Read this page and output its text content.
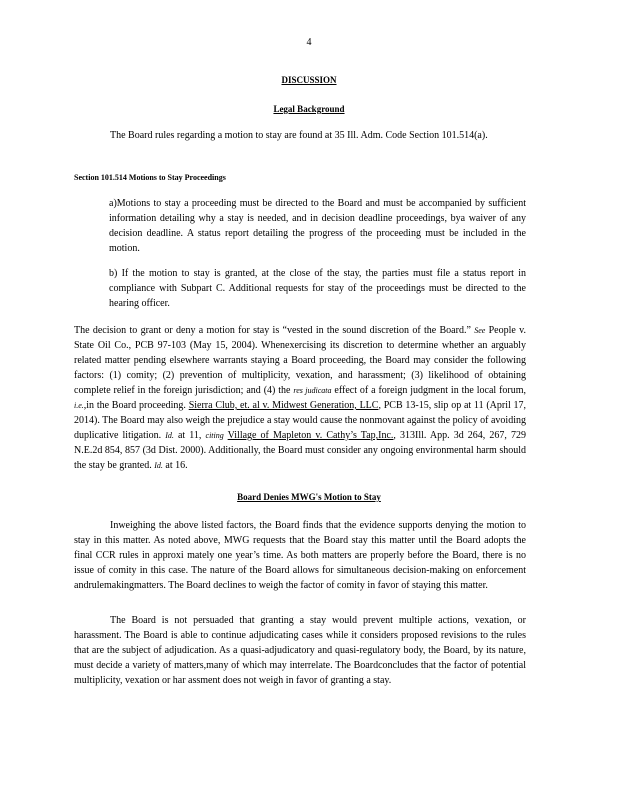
4
DISCUSSION
Legal Background

The Board rules regarding a motion to stay are found at 35 Ill. Adm. Code Section 101.514(a).

Section 101.514 Motions to Stay Proceedings

a)Motions to stay a proceeding must be directed to the Board and must be accompanied by sufficient information detailing why a stay is needed, and in decision deadline proceedings, bya waiver of any decision deadline. A status report detailing the progress of the proceeding must be included in the motion.

b) If the motion to stay is granted, at the close of the stay, the parties must file a status report in compliance with Subpart C. Additional requests for stay of the proceedings must be directed to the hearing officer.

The decision to grant or deny a motion for stay is “vested in the sound discretion of the Board.” See People v. State Oil Co., PCB 97-103 (May 15, 2004). Whenexercising its discretion to determine whether an arguably related matter pending elsewhere warrants staying a Board proceeding, the Board may consider the following factors: (1) comity; (2) prevention of multiplicity, vexation, and harassment; (3) likelihood of obtaining complete relief in the foreign jurisdiction; and (4) the res judicata effect of a foreign judgment in the local forum, i.e.,in the Board proceeding. Sierra Club, et. al v. Midwest Generation, LLC, PCB 13-15, slip op at 11 (April 17, 2014). The Board may also weigh the prejudice a stay would cause the nonmovant against the policy of avoiding duplicative litigation. Id. at 11, citing Village of Mapleton v. Cathy’s Tap,Inc., 313Ill. App. 3d 264, 267, 729 N.E.2d 854, 857 (3d Dist. 2000). Additionally, the Board must consider any ongoing environmental harm should the stay be granted. Id. at 16.

Board Denies MWG's Motion to Stay

Inweighing the above listed factors, the Board finds that the evidence supports denying the motion to stay in this matter. As noted above, MWG requests that the Board stay this matter until the Board adopts the final CCR rules in approxi mately one year’s time. As both matters are properly before the Board, there is no issue of comity in this case. The nature of the Board allows for simultaneous decision-making on enforcement andrulemakingmatters. The Board declines to weigh the factor of comity in favor of staying this matter.

The Board is not persuaded that granting a stay would prevent multiple actions, vexation, or harassment. The Board is able to continue adjudicating cases while it considers proposed revisions to the rules that are the subject of adjudication. As a quasi-adjudicatory and quasi-regulatory body, the Board, by its nature, must decide a variety of matters,many of which may interrelate. The Boardconcludes that the factor of potential multiplicity, vexation or har assment does not weigh in favor of granting a stay.
